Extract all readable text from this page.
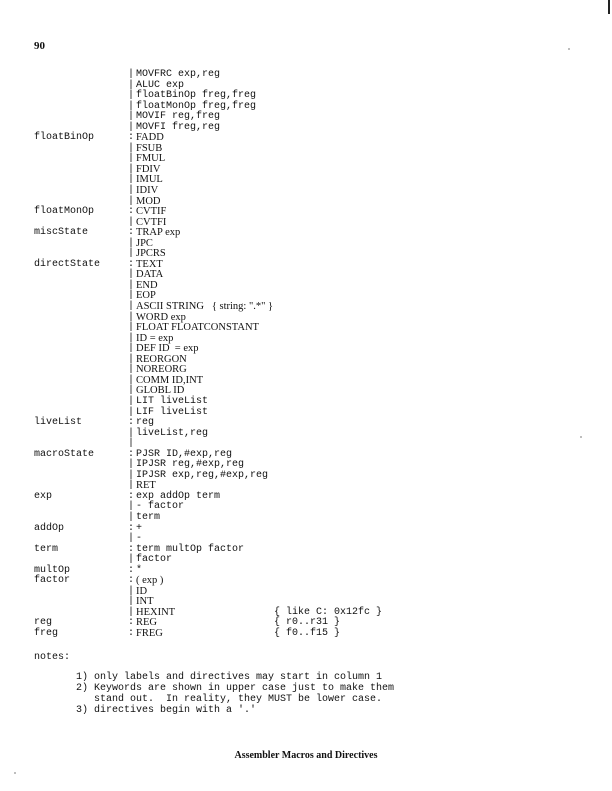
90
| MOVFRC exp,reg
| ALUC exp
| floatBinOp freg,freg
| floatMonOp freg,freg
| MOVIF reg,freg
| MOVFI freg,reg
floatBinOp	: FADD
| FSUB
| FMUL
| FDIV
| IMUL
| IDIV
| MOD
floatMonOp	: CVTIF
| CVTFI
miscState	: TRAP exp
| JPC
| JPCRS
directState	: TEXT
| DATA
| END
| EOP
| ASCII STRING   { string: ".*" }
| WORD exp
| FLOAT FLOATCONSTANT
| ID = exp
| DEF ID  = exp
| REORGON
| NOREORG
| COMM ID,INT
| GLOBL ID
| LIT liveList
| LIF liveList
liveList	: reg
| liveList,reg
|
macroState	: PJSR ID,#exp,reg
| IPJSR reg,#exp,reg
| IPJSR exp,reg,#exp,reg
| RET
exp	: exp addOp term
| - factor
| term
addOp	: +
| -
term	: term multOp factor
| factor
multOp	: *
factor	: ( exp )
| ID
| INT
| HEXINT	{ like C: 0x12fc }
reg	: REG	{ r0..r31 }
freg	: FREG	{ f0..f15 }
notes:
1) only labels and directives may start in column 1
2) Keywords are shown in upper case just to make them
stand out.  In reality, they MUST be lower case.
3) directives begin with a '.'
Assembler Macros and Directives
